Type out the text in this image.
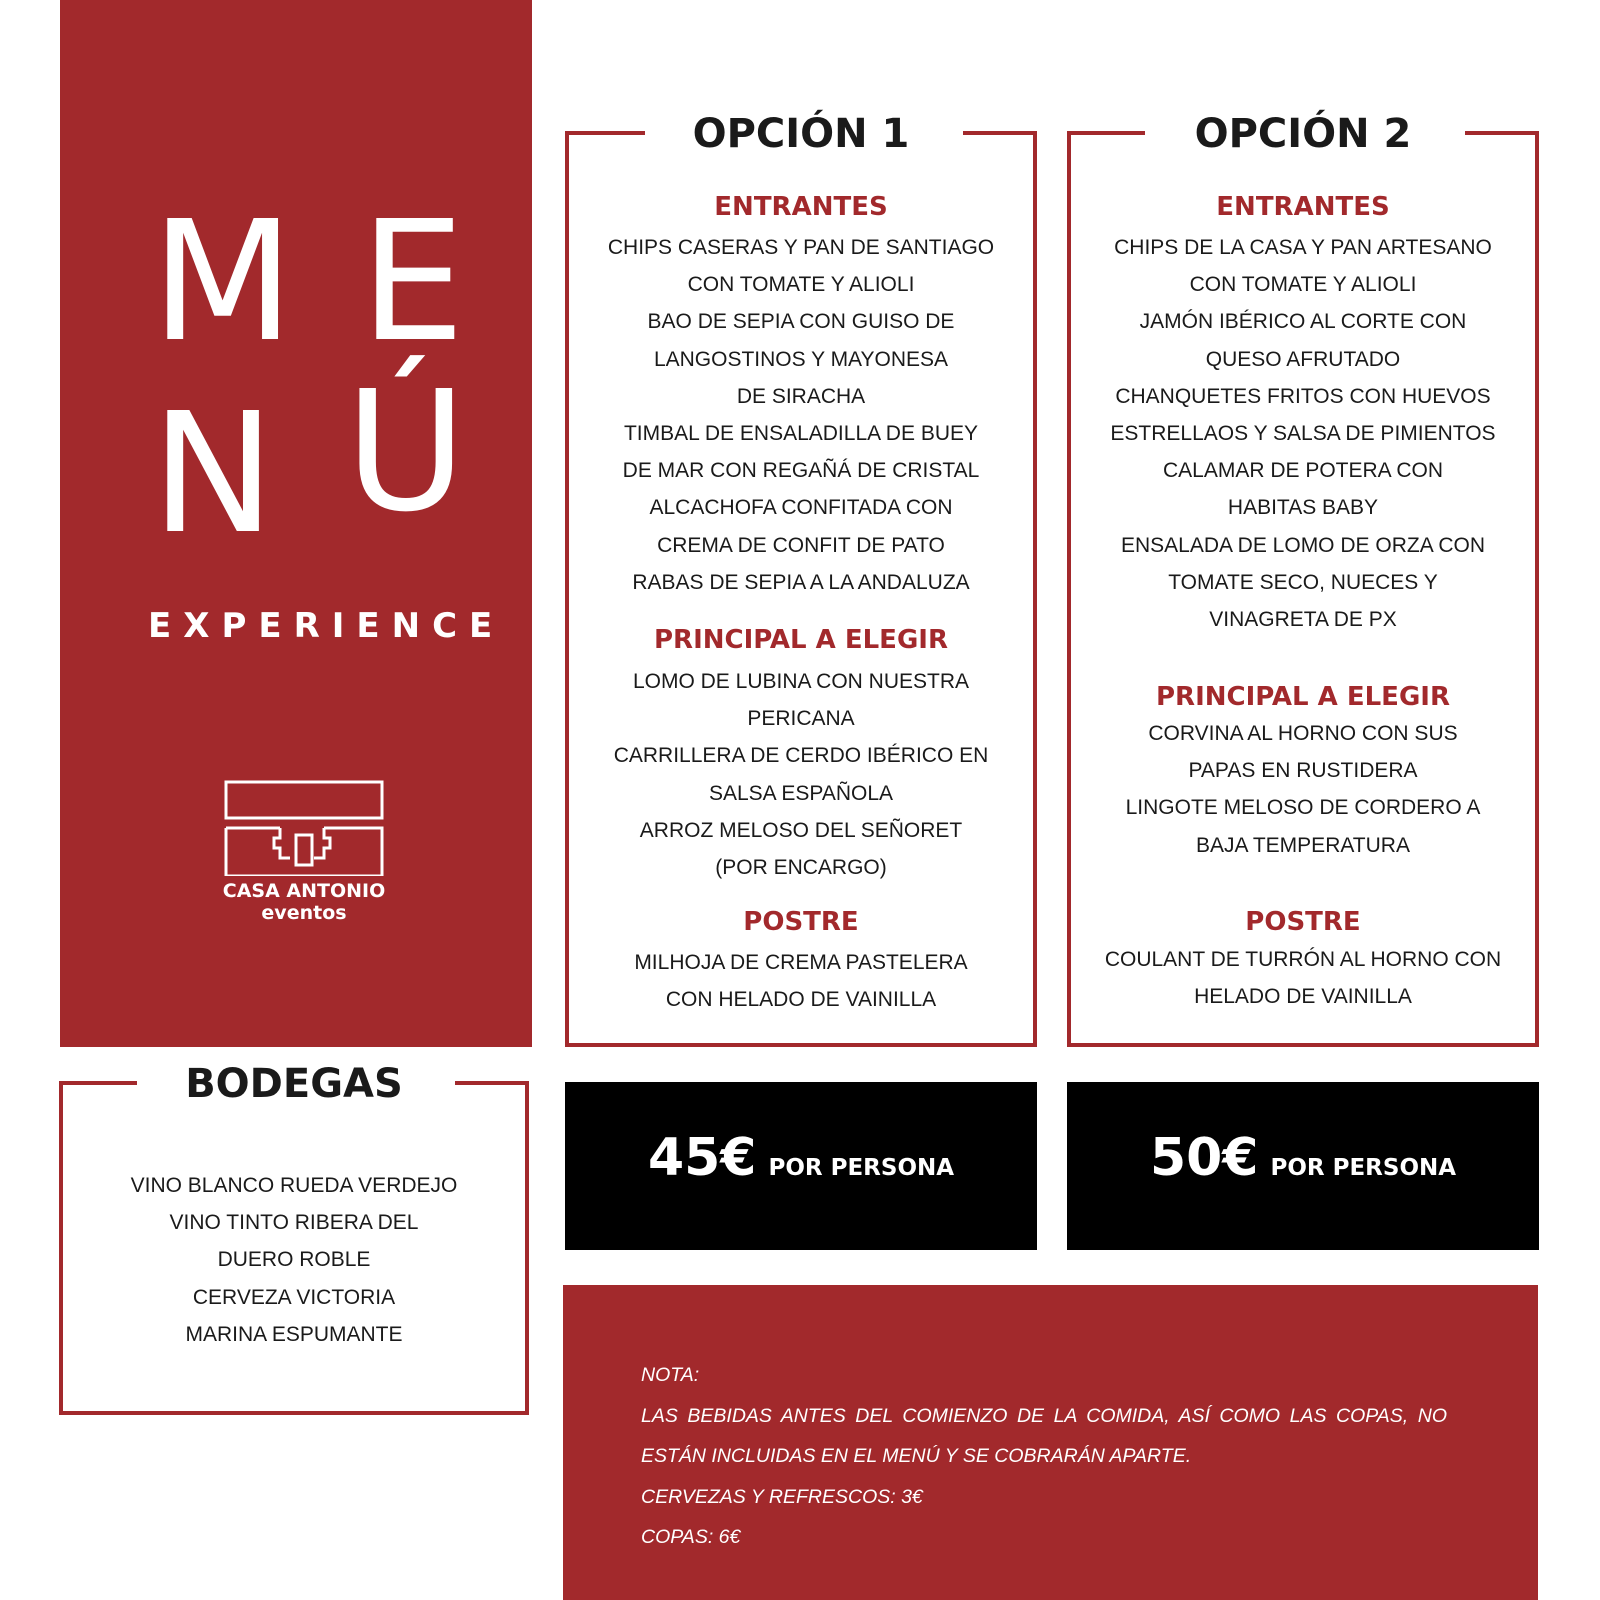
M E
N Ú
EXPERIENCE
CASA ANTONIO
eventos
OPCIÓN 1
ENTRANTES
CHIPS CASERAS Y PAN DE SANTIAGO
CON TOMATE Y ALIOLI
BAO DE SEPIA CON GUISO DE
LANGOSTINOS Y MAYONESA
DE SIRACHA
TIMBAL DE ENSALADILLA DE BUEY
DE MAR CON REGAÑÁ DE CRISTAL
ALCACHOFA CONFITADA CON
CREMA DE CONFIT DE PATO
RABAS DE SEPIA A LA ANDALUZA
PRINCIPAL A ELEGIR
LOMO DE LUBINA CON NUESTRA
PERICANA
CARRILLERA DE CERDO IBÉRICO EN
SALSA ESPAÑOLA
ARROZ MELOSO DEL SEÑORET
(POR ENCARGO)
POSTRE
MILHOJA DE CREMA PASTELERA
CON HELADO DE VAINILLA
OPCIÓN 2
ENTRANTES
CHIPS DE LA CASA Y PAN ARTESANO
CON TOMATE Y ALIOLI
JAMÓN IBÉRICO AL CORTE CON
QUESO AFRUTADO
CHANQUETES FRITOS CON HUEVOS
ESTRELLAOS Y SALSA DE PIMIENTOS
CALAMAR DE POTERA CON
HABITAS BABY
ENSALADA DE LOMO DE ORZA CON
TOMATE SECO, NUECES Y
VINAGRETA DE PX
PRINCIPAL A ELEGIR
CORVINA AL HORNO CON SUS
PAPAS EN RUSTIDERA
LINGOTE MELOSO DE CORDERO A
BAJA TEMPERATURA
POSTRE
COULANT DE TURRÓN AL HORNO CON
HELADO DE VAINILLA
BODEGAS
VINO BLANCO RUEDA VERDEJO
VINO TINTO RIBERA DEL
DUERO ROBLE
CERVEZA VICTORIA
MARINA ESPUMANTE
45€ POR PERSONA	50€ POR PERSONA
NOTA:
LAS BEBIDAS ANTES DEL COMIENZO DE LA COMIDA, ASÍ COMO LAS COPAS, NO
ESTÁN INCLUIDAS EN EL MENÚ Y SE COBRARÁN APARTE.
CERVEZAS Y REFRESCOS: 3€
COPAS: 6€
